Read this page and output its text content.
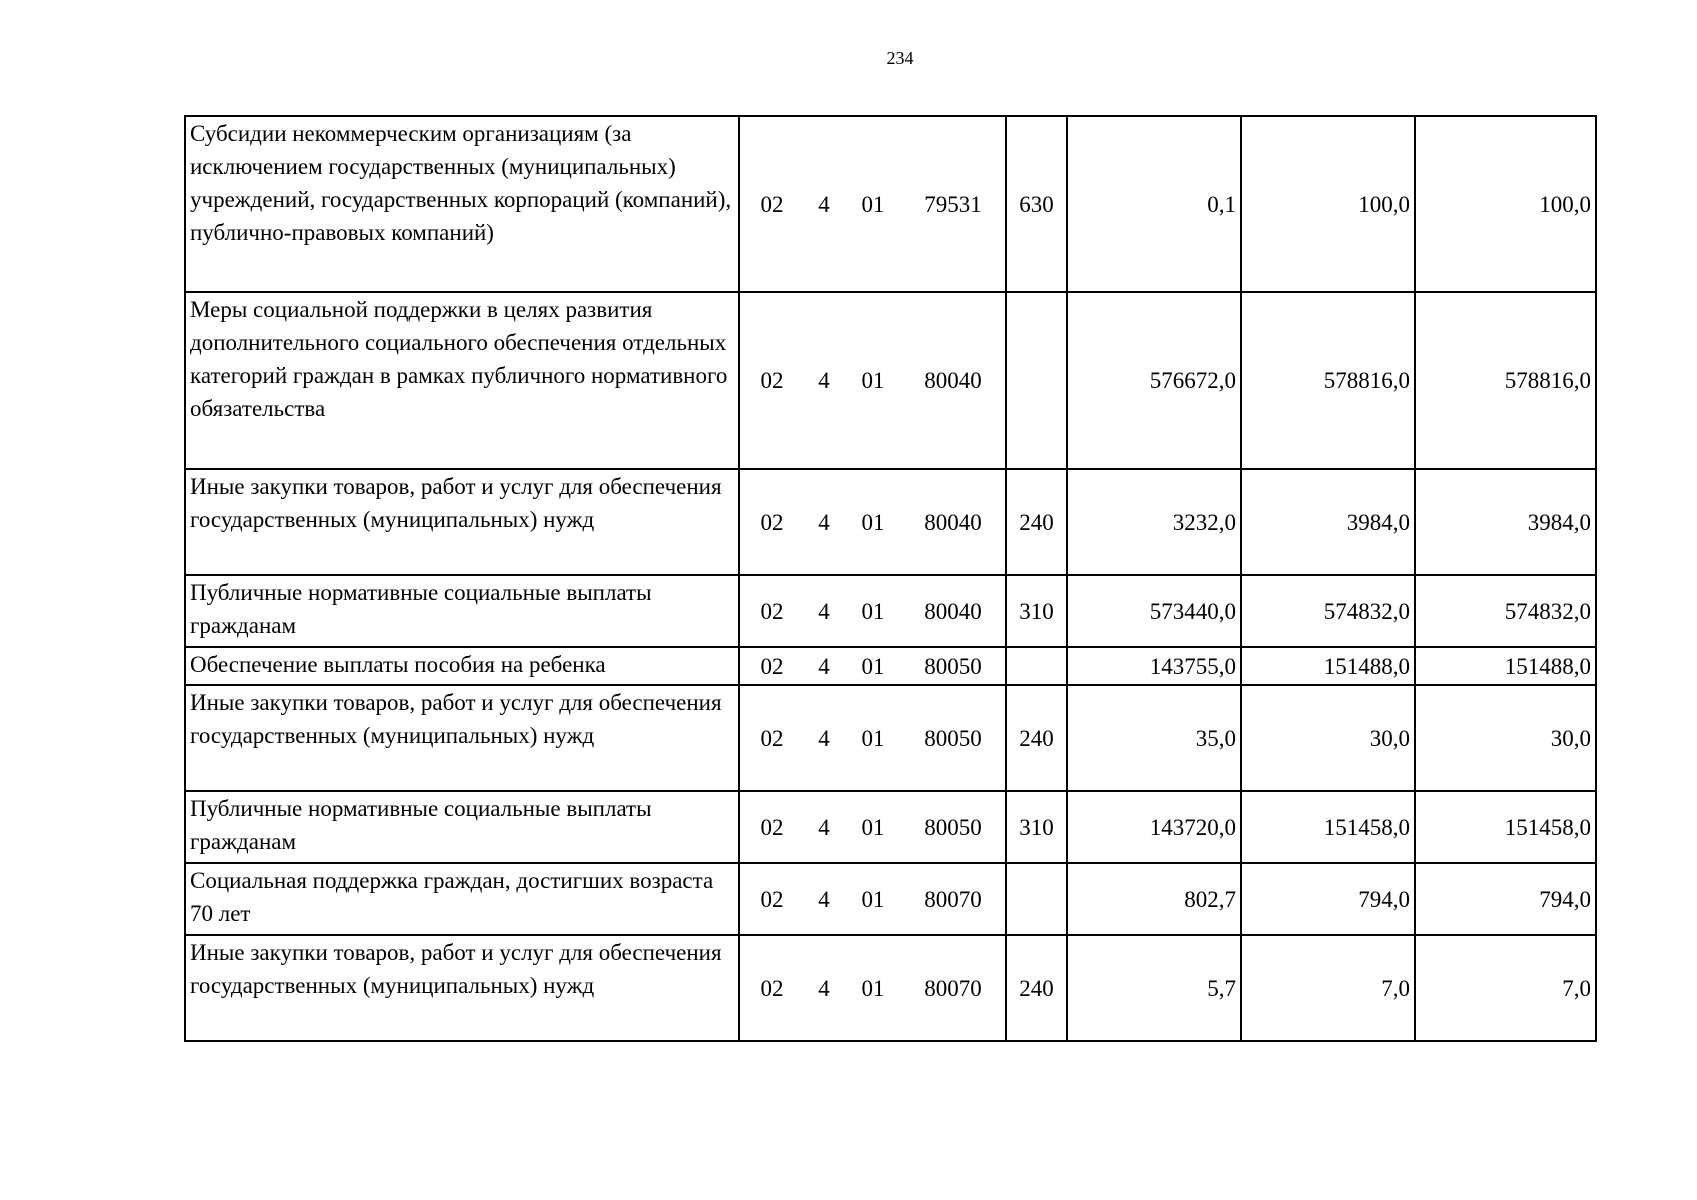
234
Субсидии некоммерческим организациям (за исключением государственных (муниципальных) учреждений, государственных корпораций (компаний), публично-правовых компаний)	02 4 01 79531	630	0,1	100,0	100,0
Меры социальной поддержки в целях развития дополнительного социального обеспечения отдельных категорий граждан в рамках публичного нормативного обязательства	02 4 01 80040		576672,0	578816,0	578816,0
Иные закупки товаров, работ и услуг для обеспечения государственных (муниципальных) нужд	02 4 01 80040	240	3232,0	3984,0	3984,0
Публичные нормативные социальные выплаты гражданам	02 4 01 80040	310	573440,0	574832,0	574832,0
Обеспечение выплаты пособия на ребенка	02 4 01 80050		143755,0	151488,0	151488,0
Иные закупки товаров, работ и услуг для обеспечения государственных (муниципальных) нужд	02 4 01 80050	240	35,0	30,0	30,0
Публичные нормативные социальные выплаты гражданам	02 4 01 80050	310	143720,0	151458,0	151458,0
Социальная поддержка граждан, достигших возраста 70 лет	02 4 01 80070		802,7	794,0	794,0
Иные закупки товаров, работ и услуг для обеспечения государственных (муниципальных) нужд	02 4 01 80070	240	5,7	7,0	7,0
